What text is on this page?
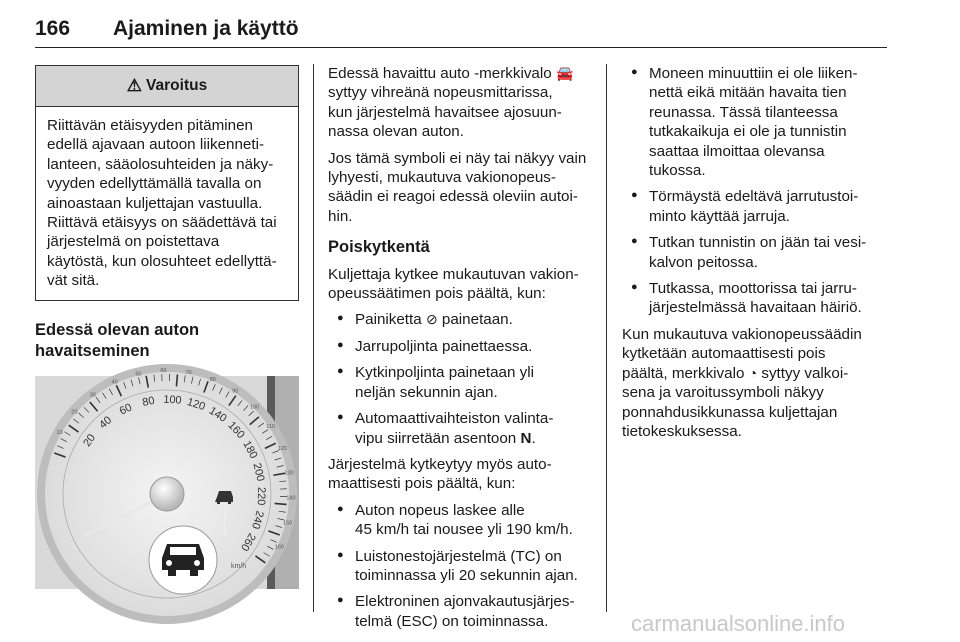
166 Ajaminen ja käyttö
⚠ Varoitus
Riittävän etäisyyden pitäminen
edellä ajavaan autoon liikenneti-
lanteen, sääolosuhteiden ja näky-
vyyden edellyttämällä tavalla on
ainoastaan kuljettajan vastuulla.
Riittävä etäisyys on säädettävä tai
järjestelmä on poistettava
käytöstä, kun olosuhteet edellyttä-
vät sitä.
Edessä olevan auton
havaitseminen
20
40
60 80 100 120
140
160
180
200
220
240
260
10
20
30
40
50
60	70
80
90
100
110
120
130
140
150
160
km/h
Edessä havaittu auto -merkkivalo 🚘
syttyy vihreänä nopeusmittarissa,
kun järjestelmä havaitsee ajosuun-
nassa olevan auton.
Jos tämä symboli ei näy tai näkyy vain
lyhyesti, mukautuva vakionopeus-
säädin ei reagoi edessä oleviin autoi-
hin.
Poiskytkentä
Kuljettaja kytkee mukautuvan vakion-
opeussäätimen pois päältä, kun:
● Painiketta ⊘ painetaan.
● Jarrupoljinta painettaessa.
● Kytkinpoljinta painetaan yli
neljän sekunnin ajan.
● Automaattivaihteiston valinta-
vipu siirretään asentoon N.
Järjestelmä kytkeytyy myös auto-
maattisesti pois päältä, kun:
● Auton nopeus laskee alle
45 km/h tai nousee yli 190 km/h.
● Luistonestojärjestelmä (TC) on
toiminnassa yli 20 sekunnin ajan.
● Elektroninen ajonvakautusjärjes-
telmä (ESC) on toiminnassa.
● Moneen minuuttiin ei ole liiken-
nettä eikä mitään havaita tien
reunassa. Tässä tilanteessa
tutkakaikuja ei ole ja tunnistin
saattaa ilmoittaa olevansa
tukossa.
● Törmäystä edeltävä jarrutustoi-
minto käyttää jarruja.
● Tutkan tunnistin on jään tai vesi-
kalvon peitossa.
● Tutkassa, moottorissa tai jarru-
järjestelmässä havaitaan häiriö.
Kun mukautuva vakionopeussäädin
kytketään automaattisesti pois
päältä, merkkivalo ◔ syttyy valkoi-
sena ja varoitussymboli näkyy
ponnahdusikkunassa kuljettajan
tietokeskuksessa.
carmanualsonline.info
